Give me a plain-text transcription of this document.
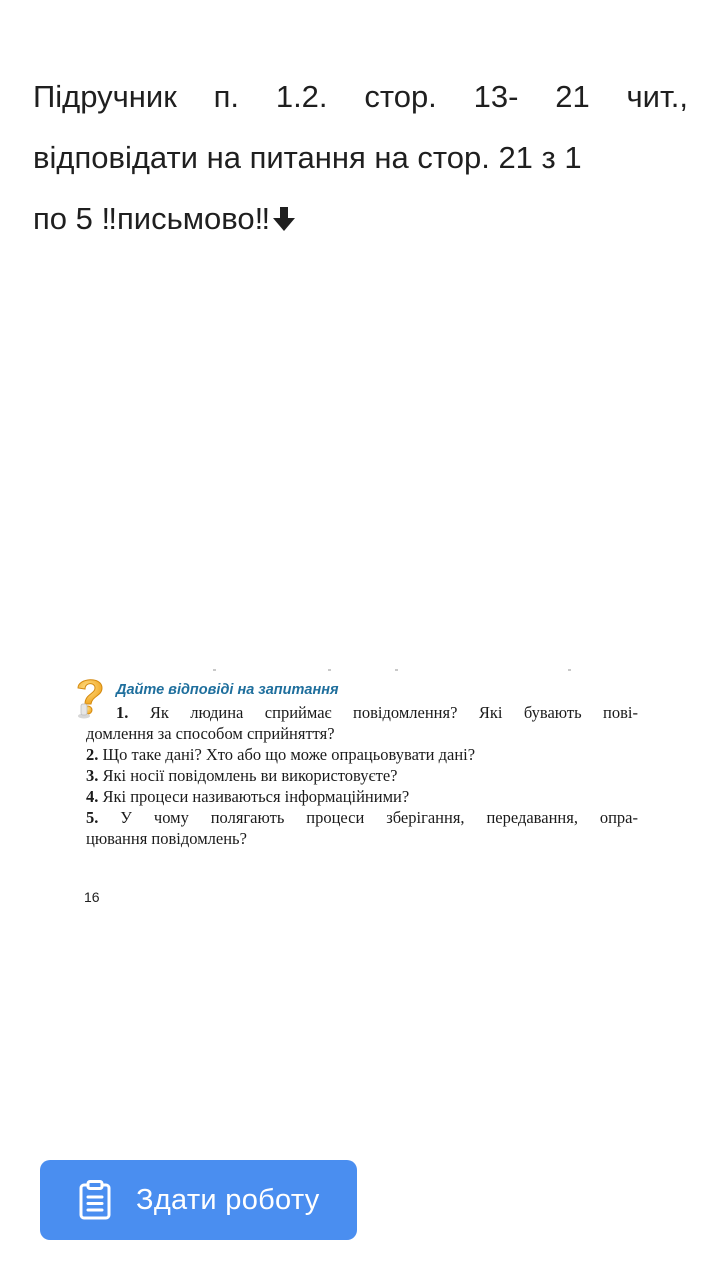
Підручник п. 1.2. стор. 13- 21 чит.,
відповідати на питання на стор. 21 з 1
по 5 ‼письмово‼
Дайте відповіді на запитання
1. Як людина сприймає повідомлення? Які бувають пові-
домлення за способом сприйняття?
2. Що таке дані? Хто або що може опрацьовувати дані?
3. Які носії повідомлень ви використовуєте?
4. Які процеси називаються інформаційними?
5. У чому полягають процеси зберігання, передавання, опра-
цювання повідомлень?
16
Здати роботу
